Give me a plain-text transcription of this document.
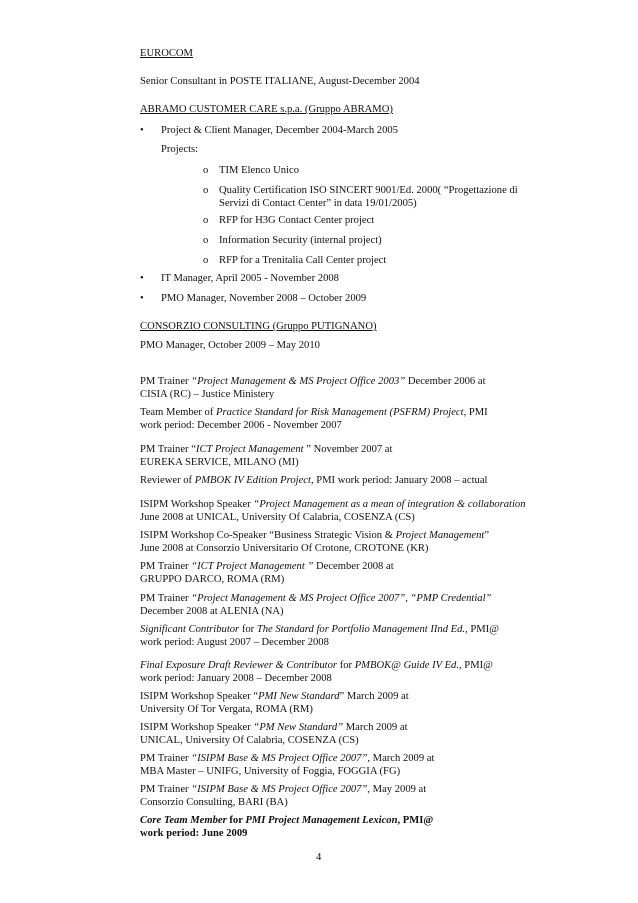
EUROCOM
Senior Consultant in POSTE ITALIANE, August-December 2004
ABRAMO CUSTOMER CARE s.p.a. (Gruppo ABRAMO)
• Project & Client Manager, December 2004-March 2005
Projects:
o TIM Elenco Unico
o Quality Certification ISO SINCERT 9001/Ed. 2000( “Progettazione di
Servizi di Contact Center” in data 19/01/2005)
o RFP for H3G Contact Center project
o Information Security (internal project)
o RFP for a Trenitalia Call Center project
• IT Manager, April 2005 - November 2008
• PMO Manager, November 2008 – October 2009
CONSORZIO CONSULTING (Gruppo PUTIGNANO)
PMO Manager, October 2009 – May 2010
PM Trainer “Project Management & MS Project Office 2003” December 2006 at
CISIA (RC) – Justice Ministery
Team Member of Practice Standard for Risk Management (PSFRM) Project, PMI
work period: December 2006 - November 2007
PM Trainer “ICT Project Management ” November 2007 at
EUREKA SERVICE, MILANO (MI)
Reviewer of PMBOK IV Edition Project, PMI work period: January 2008 – actual
ISIPM Workshop Speaker “Project Management as a mean of integration & collaboration
June 2008 at UNICAL, University Of Calabria, COSENZA (CS)
ISIPM Workshop Co-Speaker “Business Strategic Vision & Project Management”
June 2008 at Consorzio Universitario Of Crotone, CROTONE (KR)
PM Trainer “ICT Project Management ” December 2008 at
GRUPPO DARCO, ROMA (RM)
PM Trainer “Project Management & MS Project Office 2007”, “PMP Credential”
December 2008 at ALENIA (NA)
Significant Contributor for The Standard for Portfolio Management IInd Ed., PMI@
work period: August 2007 – December 2008
Final Exposure Draft Reviewer & Contributor for PMBOK@ Guide IV Ed., PMI@
work period: January 2008 – December 2008
ISIPM Workshop Speaker “PMI New Standard” March 2009 at
University Of Tor Vergata, ROMA (RM)
ISIPM Workshop Speaker “PM New Standard” March 2009 at
UNICAL, University Of Calabria, COSENZA (CS)
PM Trainer “ISIPM Base & MS Project Office 2007”, March 2009 at
MBA Master – UNIFG, University of Foggia, FOGGIA (FG)
PM Trainer “ISIPM Base & MS Project Office 2007”, May 2009 at
Consorzio Consulting, BARI (BA)
Core Team Member for PMI Project Management Lexicon, PMI@
work period: June 2009
4
